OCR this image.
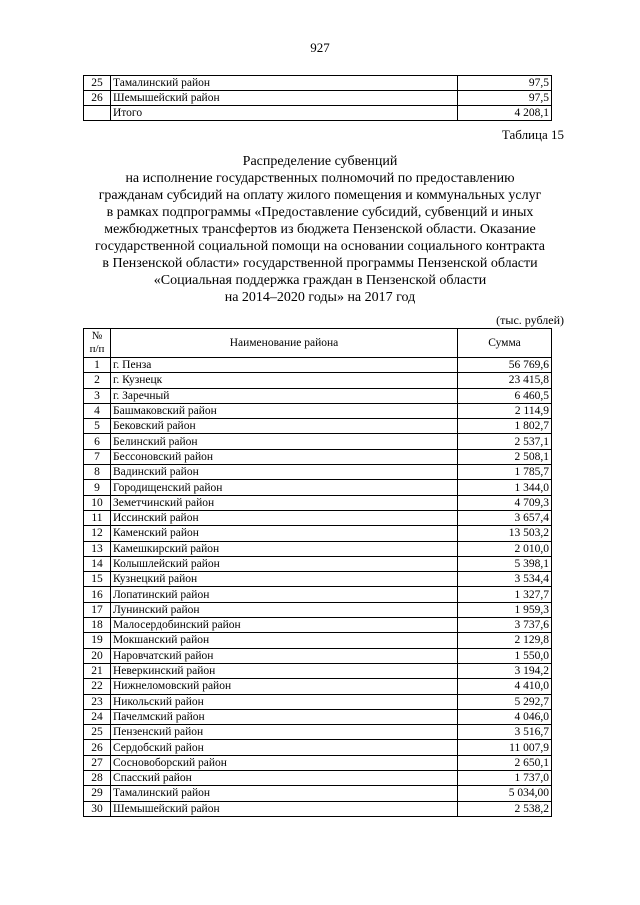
927
25	Тамалинский район	97,5
26	Шемышейский район	97,5
	Итого	4 208,1
Таблица 15
Распределение субвенций
на исполнение государственных полномочий по предоставлению
гражданам субсидий на оплату жилого помещения и коммунальных услуг
в рамках подпрограммы «Предоставление субсидий, субвенций и иных
межбюджетных трансфертов из бюджета Пензенской области. Оказание
государственной социальной помощи на основании социального контракта
в Пензенской области» государственной программы Пензенской области
«Социальная поддержка граждан в Пензенской области
на 2014–2020 годы» на 2017 год
(тыс. рублей)
№
п/п	Наименование района	Сумма
1	г. Пенза	56 769,6
2	г. Кузнецк	23 415,8
3	г. Заречный	6 460,5
4	Башмаковский район	2 114,9
5	Бековский район	1 802,7
6	Белинский район	2 537,1
7	Бессоновский район	2 508,1
8	Вадинский район	1 785,7
9	Городищенский район	1 344,0
10	Земетчинский район	4 709,3
11	Иссинский район	3 657,4
12	Каменский район	13 503,2
13	Камешкирский район	2 010,0
14	Колышлейский район	5 398,1
15	Кузнецкий район	3 534,4
16	Лопатинский район	1 327,7
17	Лунинский район	1 959,3
18	Малосердобинский район	3 737,6
19	Мокшанский район	2 129,8
20	Наровчатский район	1 550,0
21	Неверкинский район	3 194,2
22	Нижнеломовский район	4 410,0
23	Никольский район	5 292,7
24	Пачелмский район	4 046,0
25	Пензенский район	3 516,7
26	Сердобский район	11 007,9
27	Сосновоборский район	2 650,1
28	Спасский район	1 737,0
29	Тамалинский район	5 034,00
30	Шемышейский район	2 538,2
